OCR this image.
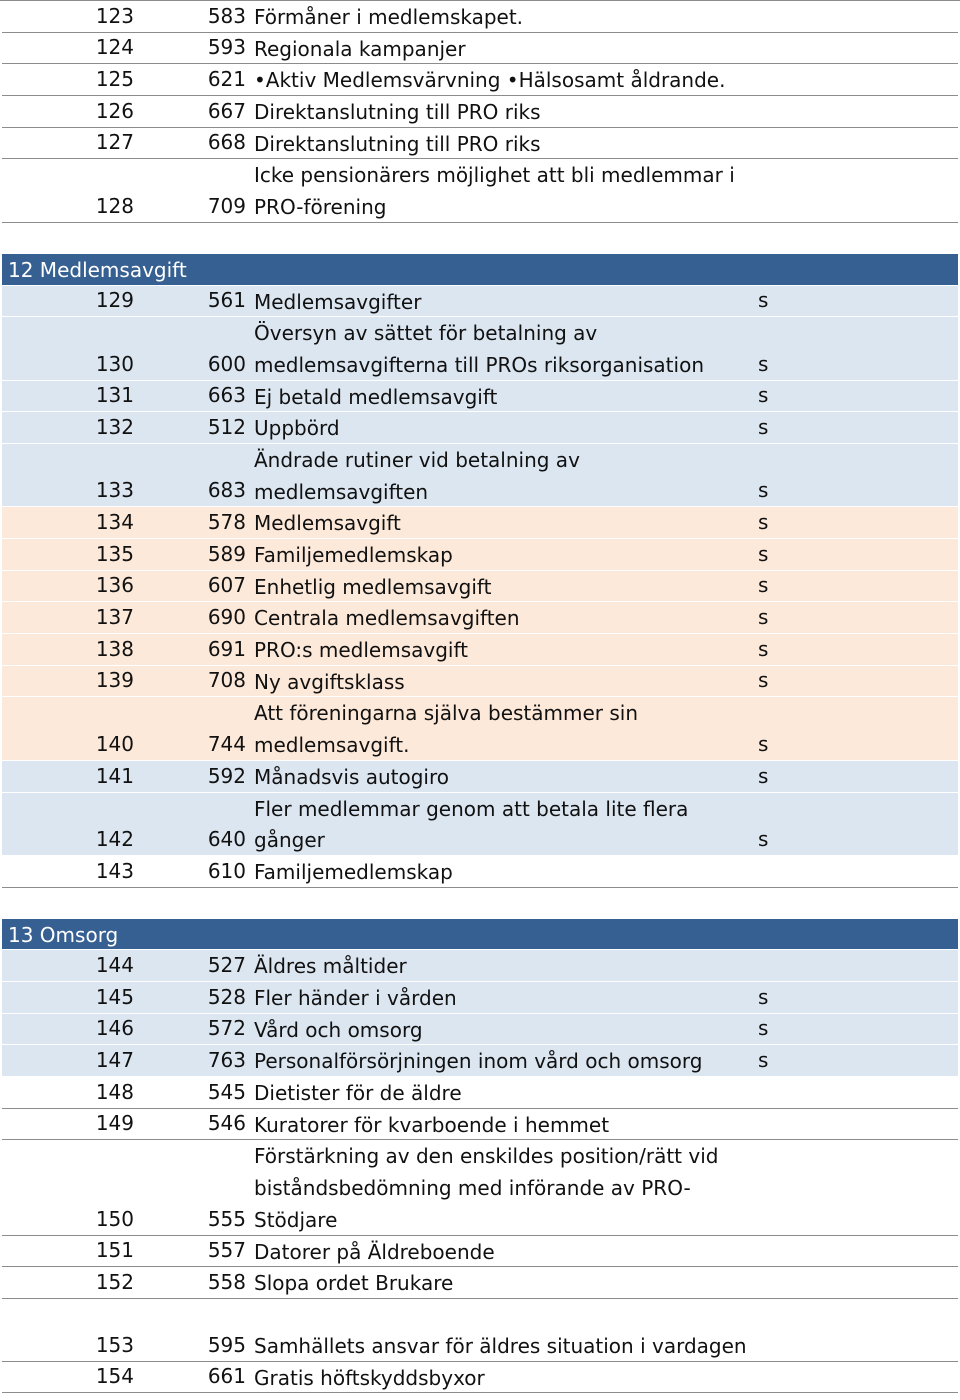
123	583 Förmåner i medlemskapet.
124	593 Regionala kampanjer
125	621 •Aktiv Medlemsvärvning •Hälsosamt åldrande.
126	667 Direktanslutning till PRO riks
127	668 Direktanslutning till PRO riks
128	709
Icke pensionärers möjlighet att bli medlemmar i
PRO-förening
12 Medlemsavgift
129	561 Medlemsavgifter	s
130	600
Översyn av sättet för betalning av
medlemsavgifterna till PROs riksorganisation	s
131	663 Ej betald medlemsavgift	s
132	512 Uppbörd	s
133	683
Ändrade rutiner vid betalning av
medlemsavgiften	s
134	578 Medlemsavgift	s
135	589 Familjemedlemskap	s
136	607 Enhetlig medlemsavgift	s
137	690 Centrala medlemsavgiften	s
138	691 PRO:s medlemsavgift	s
139	708 Ny avgiftsklass	s
140	744
Att föreningarna själva bestämmer sin
medlemsavgift.	s
141	592 Månadsvis autogiro	s
142	640
Fler medlemmar genom att betala lite flera
gånger	s
143	610 Familjemedlemskap
13 Omsorg
144	527 Äldres måltider
145	528 Fler händer i vården	s
146	572 Vård och omsorg	s
147	763 Personalförsörjningen inom vård och omsorg	s
148	545 Dietister för de äldre
149	546 Kuratorer för kvarboende i hemmet
150	555
Förstärkning av den enskildes position/rätt vid
biståndsbedömning med införande av PRO-
Stödjare
151	557 Datorer på Äldreboende
152	558 Slopa ordet Brukare
153	595 Samhällets ansvar för äldres situation i vardagen
154	661 Gratis höftskyddsbyxor
